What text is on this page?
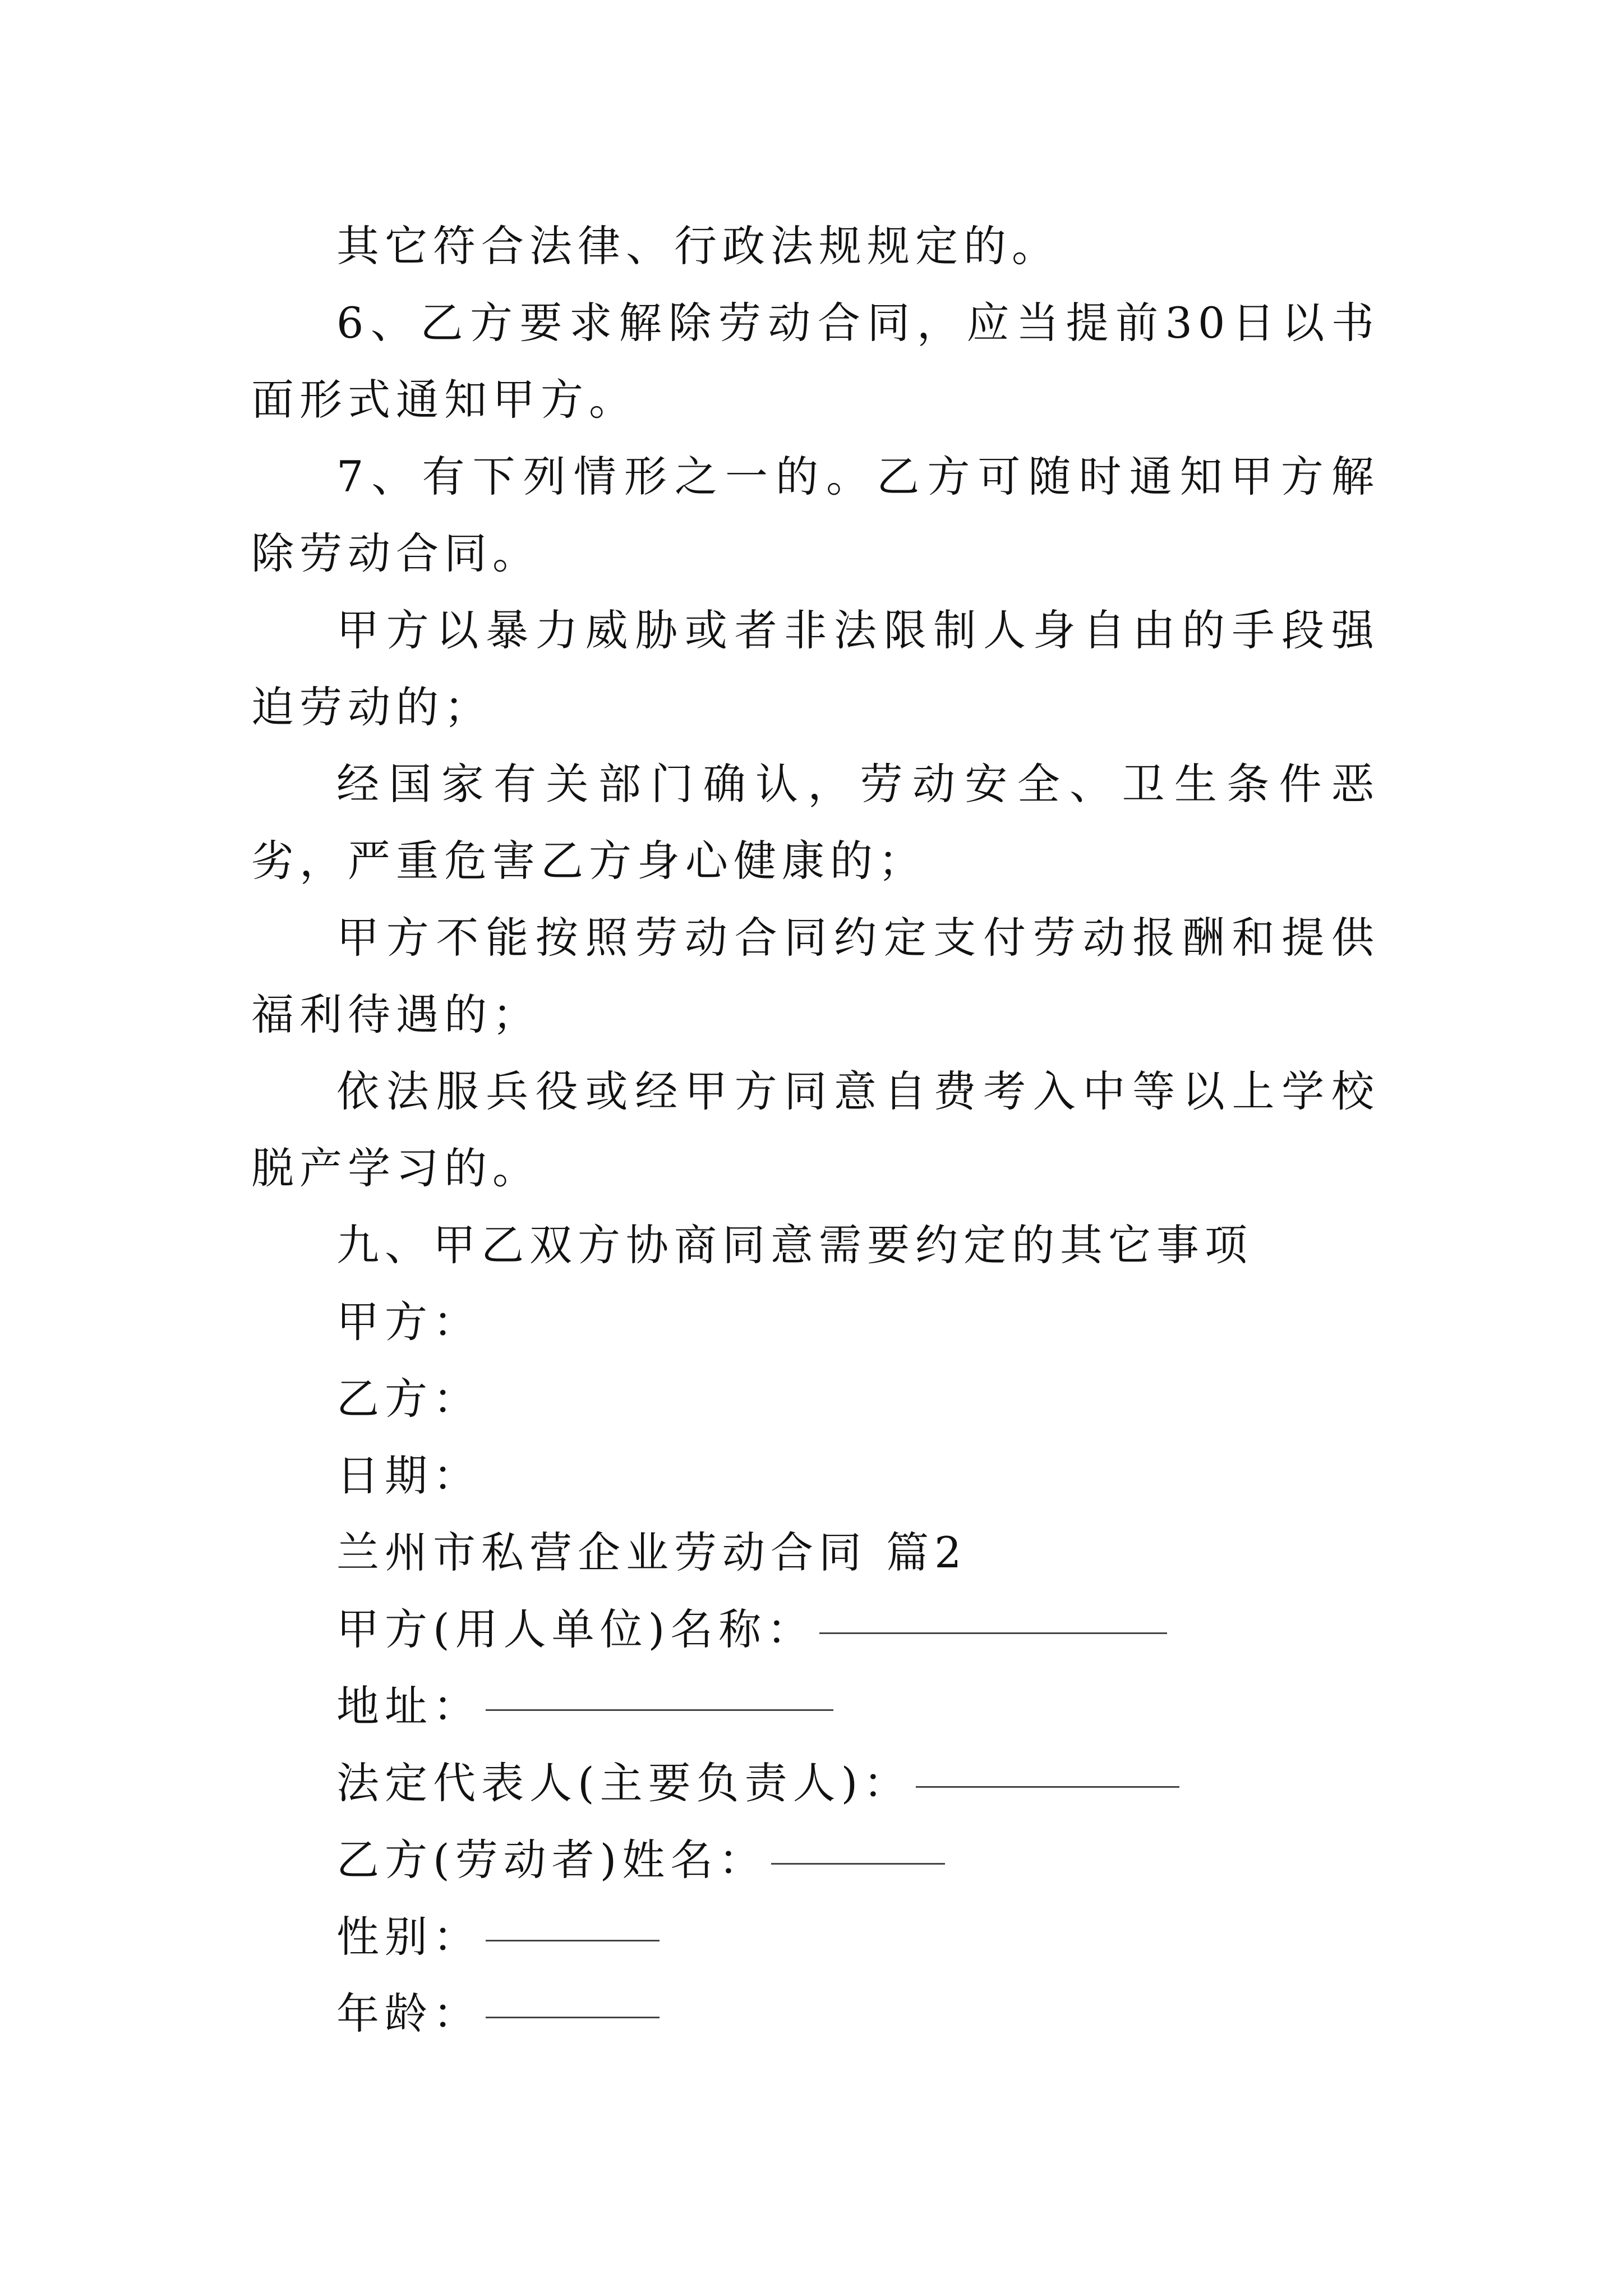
其它符合法律、行政法规规定的。

6、乙方要求解除劳动合同，应当提前30日以书面形式通知甲方。

7、有下列情形之一的。乙方可随时通知甲方解除劳动合同。

甲方以暴力威胁或者非法限制人身自由的手段强迫劳动的；

经国家有关部门确认，劳动安全、卫生条件恶劣，严重危害乙方身心健康的；

甲方不能按照劳动合同约定支付劳动报酬和提供福利待遇的；

依法服兵役或经甲方同意自费考入中等以上学校脱产学习的。

九、甲乙双方协商同意需要约定的其它事项

甲方：

乙方：

日期：

兰州市私营企业劳动合同 篇2

甲方(用人单位)名称：

地址：

法定代表人(主要负责人)：

乙方(劳动者)姓名：

性别：

年龄：
